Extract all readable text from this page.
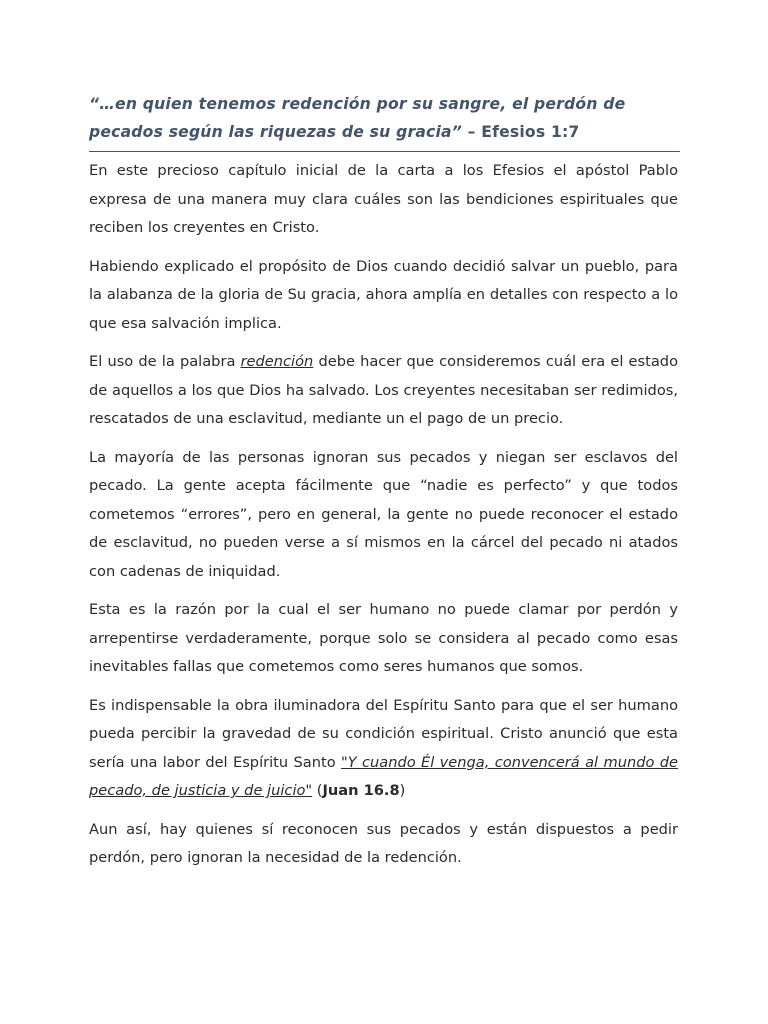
“…en quien tenemos redención por su sangre, el perdón de pecados según las riquezas de su gracia” – Efesios 1:7

En este precioso capítulo inicial de la carta a los Efesios el apóstol Pablo expresa de una manera muy clara cuáles son las bendiciones espirituales que reciben los creyentes en Cristo.

Habiendo explicado el propósito de Dios cuando decidió salvar un pueblo, para la alabanza de la gloria de Su gracia, ahora amplía en detalles con respecto a lo que esa salvación implica.

El uso de la palabra redención debe hacer que consideremos cuál era el estado de aquellos a los que Dios ha salvado. Los creyentes necesitaban ser redimidos, rescatados de una esclavitud, mediante un el pago de un precio.

La mayoría de las personas ignoran sus pecados y niegan ser esclavos del pecado. La gente acepta fácilmente que “nadie es perfecto” y que todos cometemos “errores”, pero en general, la gente no puede reconocer el estado de esclavitud, no pueden verse a sí mismos en la cárcel del pecado ni atados con cadenas de iniquidad.

Esta es la razón por la cual el ser humano no puede clamar por perdón y arrepentirse verdaderamente, porque solo se considera al pecado como esas inevitables fallas que cometemos como seres humanos que somos.

Es indispensable la obra iluminadora del Espíritu Santo para que el ser humano pueda percibir la gravedad de su condición espiritual. Cristo anunció que esta sería una labor del Espíritu Santo "Y cuando Él venga, convencerá al mundo de pecado, de justicia y de juicio" (Juan 16.8)

Aun así, hay quienes sí reconocen sus pecados y están dispuestos a pedir perdón, pero ignoran la necesidad de la redención.
